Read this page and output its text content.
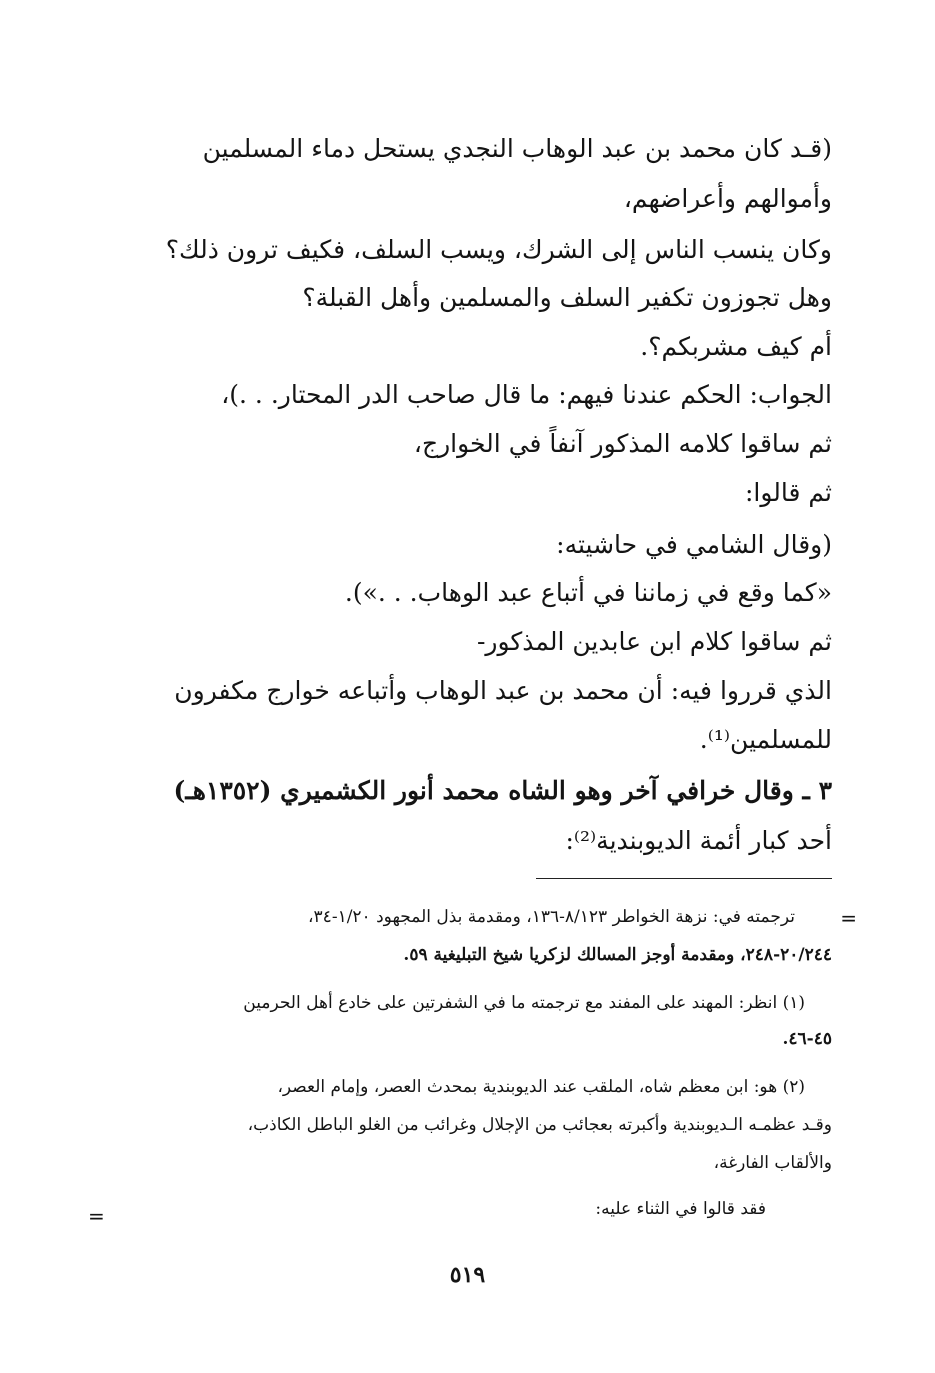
(قـد كان محمد بن عبد الوهاب النجدي يستحل دماء المسلمين
وأموالهم وأعراضهم،
وكان ينسب الناس إلى الشرك، ويسب السلف، فكيف ترون ذلك؟
وهل تجوزون تكفير السلف والمسلمين وأهل القبلة؟
أم كيف مشربكم؟.
الجواب: الحكم عندنا فيهم: ما قال صاحب الدر المحتار. . .)،
ثم ساقوا كلامه المذكور آنفاً في الخوارج،
ثم قالوا:
(وقال الشامي في حاشيته:
«كما وقع في زماننا في أتباع عبد الوهاب. . .»).
ثم ساقوا كلام ابن عابدين المذكور-
الذي قرروا فيه: أن محمد بن عبد الوهاب وأتباعه خوارج مكفرون
للمسلمين⁽¹⁾.
٣ ـ وقال خرافي آخر وهو الشاه محمد أنور الكشميري (١٣٥٢هـ)
أحد كبار أئمة الديوبندية⁽²⁾:
ترجمته في: نزهة الخواطر ٨/١٢٣-١٣٦، ومقدمة بذل المجهود ١/٢٠-٣٤،
٢٠/٢٤٤-٢٤٨، ومقدمة أوجز المسالك لزكريا شيخ التبليغية ٥٩.
(١) انظر: المهند على المفند مع ترجمته ما في الشفرتين على خادع أهل الحرمين
٤٥-٤٦.
(٢) هو: ابن معظم شاه، الملقب عند الديوبندية بمحدث العصر، وإمام العصر،
وقـد عظمـه الـديوبندية وأكبرته بعجائب من الإجلال وغرائب من الغلو الباطل الكاذب،
والألقاب الفارغة،
فقد قالوا في الثناء عليه:
=
=
٥١٩
